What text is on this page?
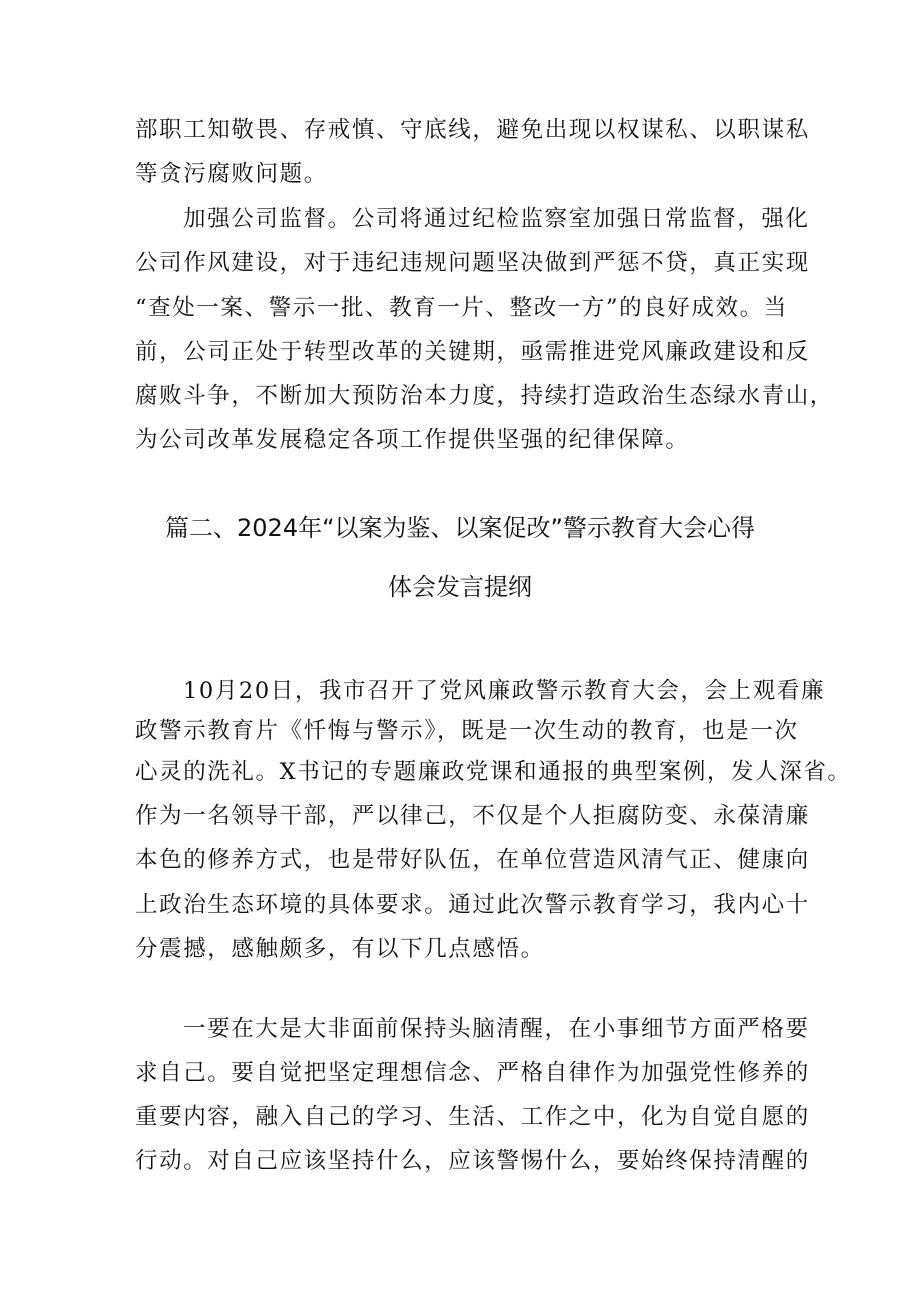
部职工知敬畏、存戒慎、守底线，避免出现以权谋私、以职谋私
等贪污腐败问题。
加强公司监督。公司将通过纪检监察室加强日常监督，强化
公司作风建设，对于违纪违规问题坚决做到严惩不贷，真正实现
“查处一案、警示一批、教育一片、整改一方”的良好成效。当
前，公司正处于转型改革的关键期，亟需推进党风廉政建设和反
腐败斗争，不断加大预防治本力度，持续打造政治生态绿水青山，
为公司改革发展稳定各项工作提供坚强的纪律保障。
篇二、2024年“以案为鉴、以案促改”警示教育大会心得
体会发言提纲
10月20日，我市召开了党风廉政警示教育大会，会上观看廉
政警示教育片《忏悔与警示》，既是一次生动的教育，也是一次
心灵的洗礼。X书记的专题廉政党课和通报的典型案例，发人深省。
作为一名领导干部，严以律己，不仅是个人拒腐防变、永葆清廉
本色的修养方式，也是带好队伍，在单位营造风清气正、健康向
上政治生态环境的具体要求。通过此次警示教育学习，我内心十
分震撼，感触颇多，有以下几点感悟。
一要在大是大非面前保持头脑清醒，在小事细节方面严格要
求自己。要自觉把坚定理想信念、严格自律作为加强党性修养的
重要内容，融入自己的学习、生活、工作之中，化为自觉自愿的
行动。对自己应该坚持什么，应该警惕什么，要始终保持清醒的
